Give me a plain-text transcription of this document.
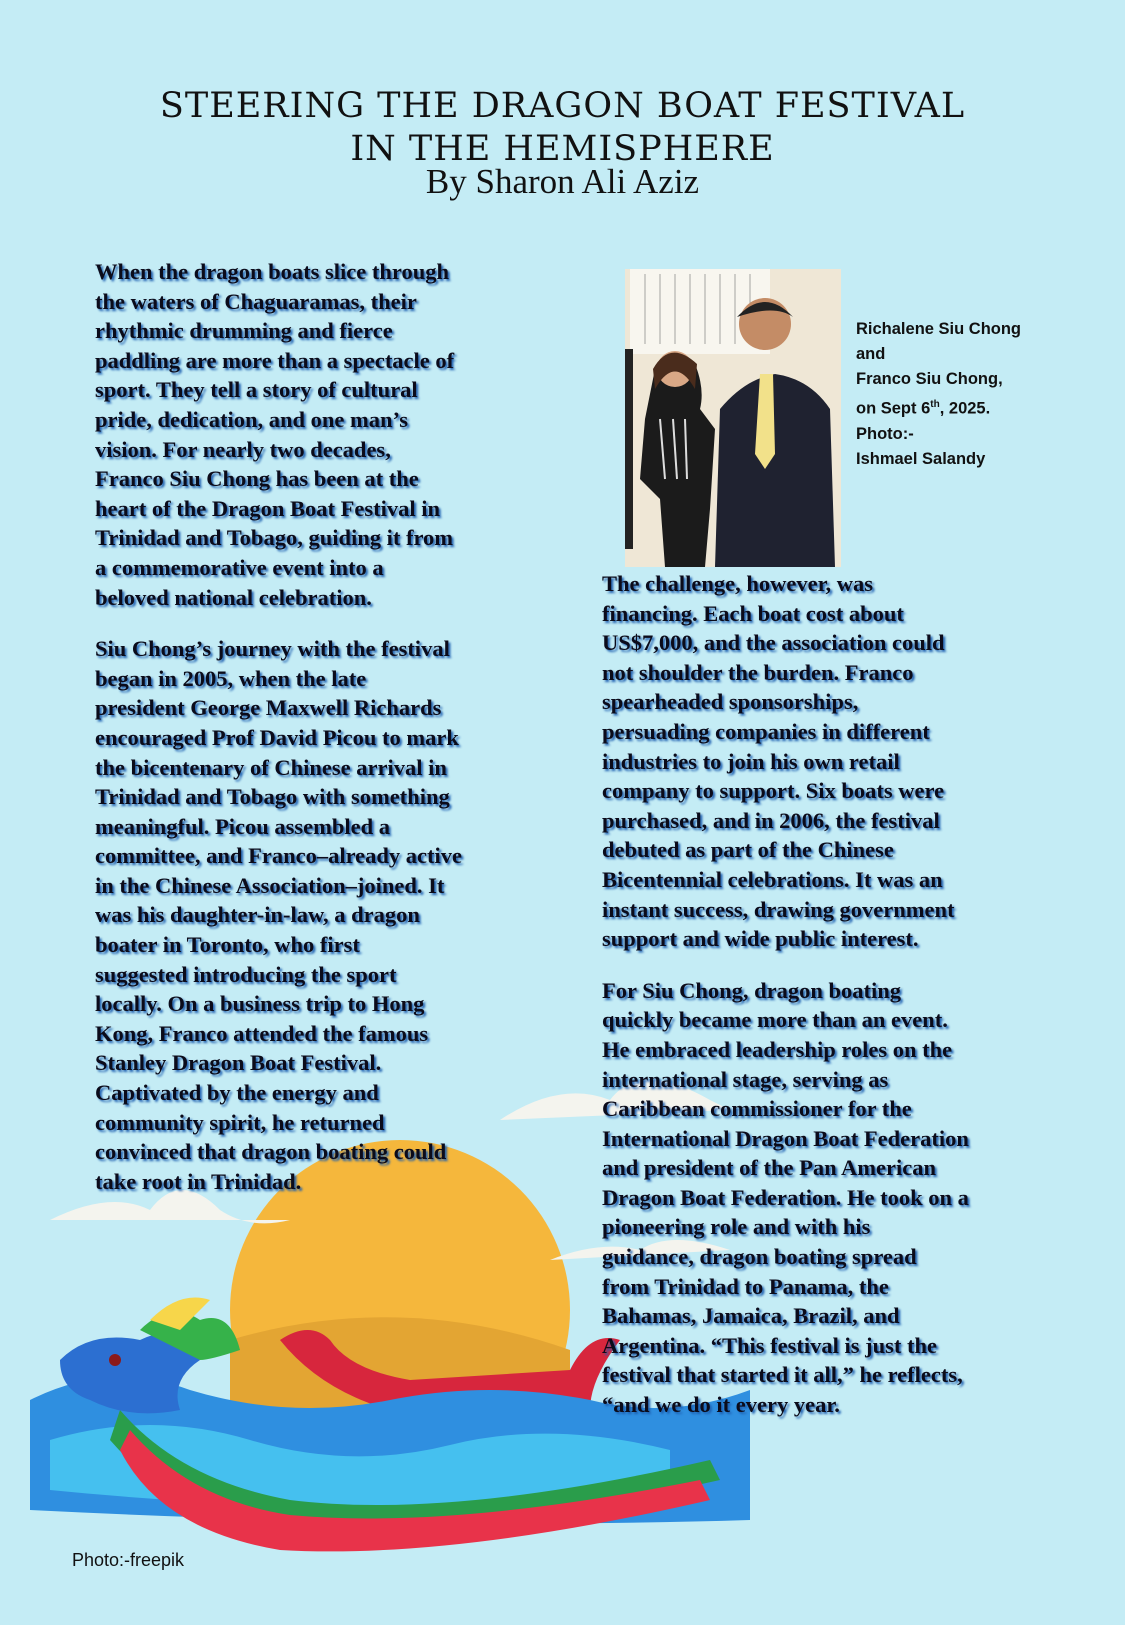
STEERING THE DRAGON BOAT FESTIVAL
IN THE HEMISPHERE
By Sharon Ali Aziz
When the dragon boats slice through
the waters of Chaguaramas, their
rhythmic drumming and fierce
paddling are more than a spectacle of
sport. They tell a story of cultural
pride, dedication, and one man’s
vision. For nearly two decades,
Franco Siu Chong has been at the
heart of the Dragon Boat Festival in
Trinidad and Tobago, guiding it from
a commemorative event into a
beloved national celebration.
Siu Chong’s journey with the festival
began in 2005, when the late
president George Maxwell Richards
encouraged Prof David Picou to mark
the bicentenary of Chinese arrival in
Trinidad and Tobago with something
meaningful. Picou assembled a
committee, and Franco–already active
in the Chinese Association–joined. It
was his daughter-in-law, a dragon
boater in Toronto, who first
suggested introducing the sport
locally. On a business trip to Hong
Kong, Franco attended the famous
Stanley Dragon Boat Festival.
Captivated by the energy and
community spirit, he returned
convinced that dragon boating could
take root in Trinidad.
The challenge, however, was
financing. Each boat cost about
US$7,000, and the association could
not shoulder the burden. Franco
spearheaded sponsorships,
persuading companies in different
industries to join his own retail
company to support. Six boats were
purchased, and in 2006, the festival
debuted as part of the Chinese
Bicentennial celebrations. It was an
instant success, drawing government
support and wide public interest.
For Siu Chong, dragon boating
quickly became more than an event.
He embraced leadership roles on the
international stage, serving as
Caribbean commissioner for the
International Dragon Boat Federation
and president of the Pan American
Dragon Boat Federation. He took on a
pioneering role and with his
guidance, dragon boating spread
from Trinidad to Panama, the
Bahamas, Jamaica, Brazil, and
Argentina. “This festival is just the
festival that started it all,” he reflects,
“and we do it every year.
Richalene Siu Chong
and
Franco Siu Chong,
on Sept 6th, 2025.
Photo:-
Ishmael Salandy
Photo:-freepik
